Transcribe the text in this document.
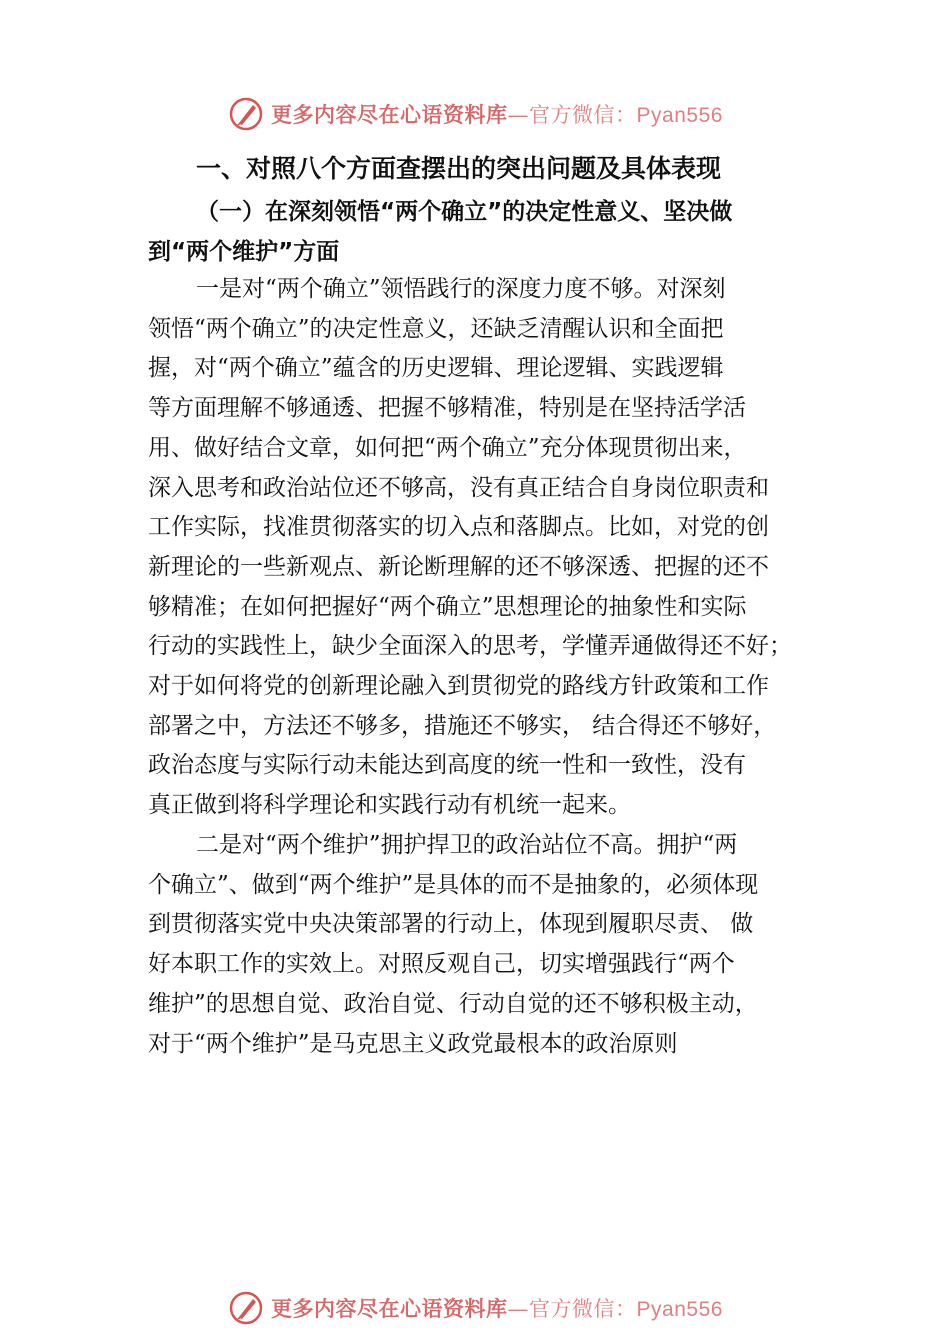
更多内容尽在心语资料库—官方微信：Pyan556
一、对照八个方面查摆出的突出问题及具体表现
（一）在深刻领悟“两个确立”的决定性意义、坚决做
到“两个维护”方面
一是对“两个确立”领悟践行的深度力度不够。对深刻
领悟“两个确立”的决定性意义，还缺乏清醒认识和全面把
握，对“两个确立”蕴含的历史逻辑、理论逻辑、实践逻辑
等方面理解不够通透、把握不够精准，特别是在坚持活学活
用、做好结合文章，如何把“两个确立”充分体现贯彻出来，
深入思考和政治站位还不够高，没有真正结合自身岗位职责和
工作实际，找准贯彻落实的切入点和落脚点。比如，对党的创
新理论的一些新观点、新论断理解的还不够深透、把握的还不
够精准；在如何把握好“两个确立”思想理论的抽象性和实际
行动的实践性上，缺少全面深入的思考，学懂弄通做得还不好；
对于如何将党的创新理论融入到贯彻党的路线方针政策和工作
部署之中，方法还不够多，措施还不够实， 结合得还不够好，
政治态度与实际行动未能达到高度的统一性和一致性，没有
真正做到将科学理论和实践行动有机统一起来。
二是对“两个维护”拥护捍卫的政治站位不高。拥护“两
个确立”、做到“两个维护”是具体的而不是抽象的，必须体现
到贯彻落实党中央决策部署的行动上，体现到履职尽责、 做
好本职工作的实效上。对照反观自己，切实增强践行“两个
维护”的思想自觉、政治自觉、行动自觉的还不够积极主动，
对于“两个维护”是马克思主义政党最根本的政治原则
更多内容尽在心语资料库—官方微信：Pyan556
